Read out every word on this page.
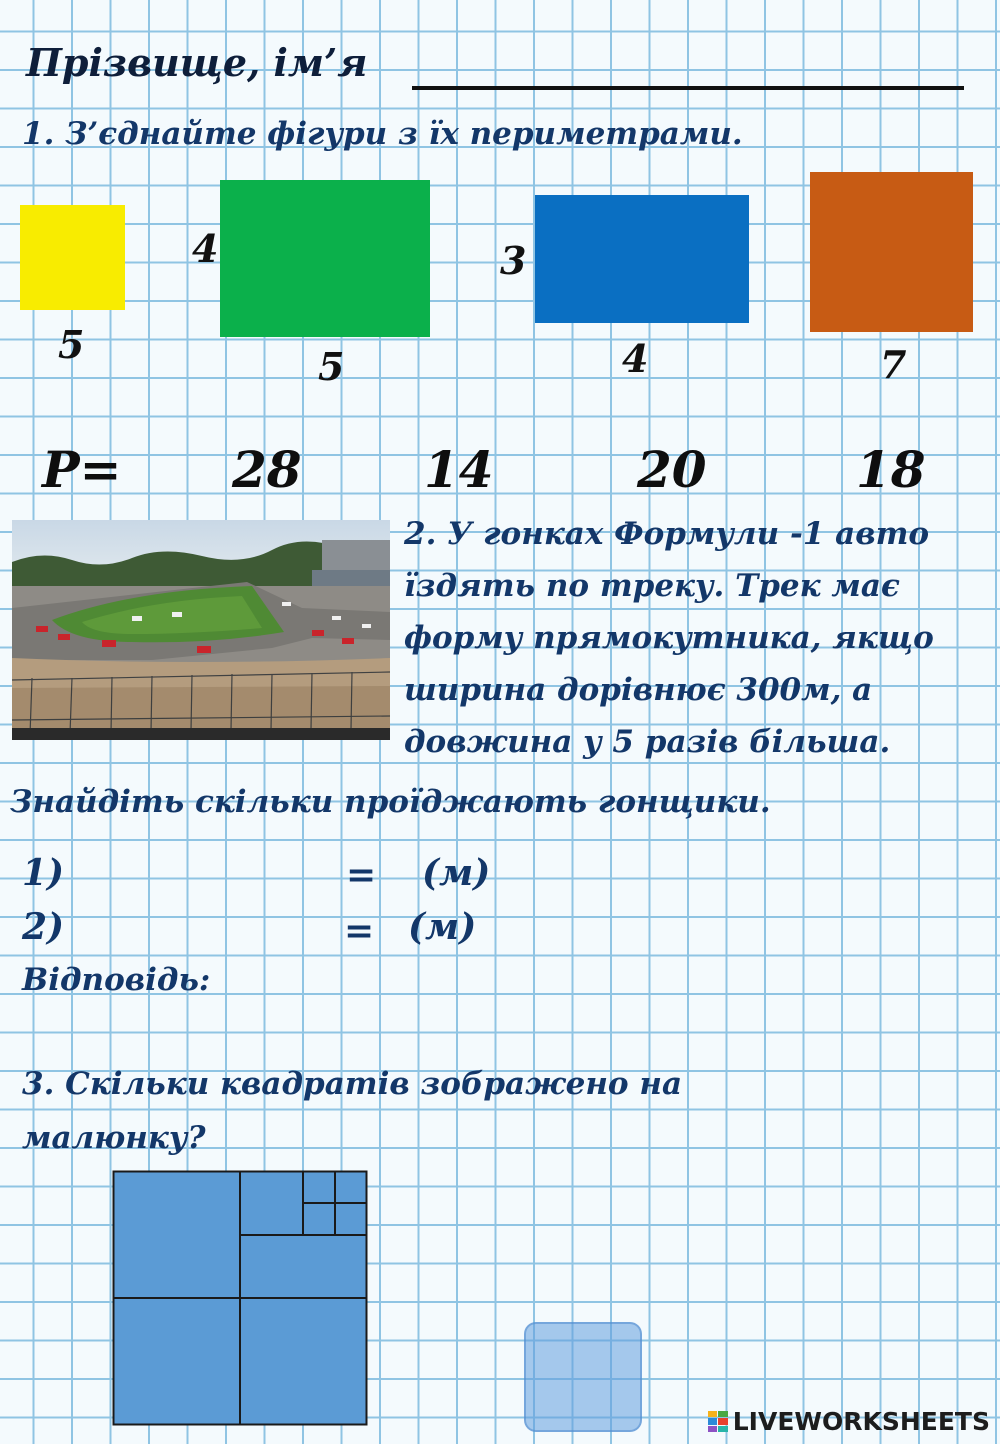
Прізвище, ім’я
1. З’єднайте фігури з їх периметрами.
5
4
5
3
4	7
P= 28 14	20	18
2. У гонках Формули -1 авто
їздять по треку. Трек має
форму прямокутника, якщо
ширина дорівнює 300м, а
довжина у 5 разів більша.
Знайдіть скільки проїджають гонщики.
1)	= (м)
2)	= (м)
Відповідь:
3. Скільки квадратів зображено на
малюнку?
LIVEWORKSHEETS
